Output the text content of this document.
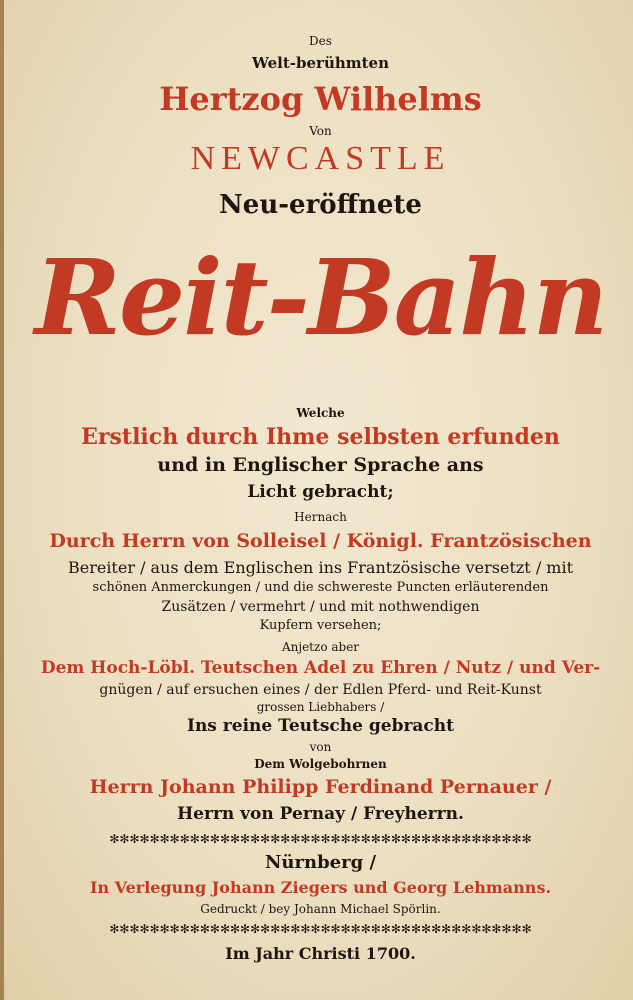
Des
Welt-berühmten
Hertzog Wilhelms
Von
NEWCASTLE
Neu-eröffnete
Reit-Bahn
Welche
Erstlich durch Ihme selbsten erfunden
und in Englischer Sprache ans
Licht gebracht;
Hernach
Durch Herrn von Solleisel / Königl. Frantzösischen
Bereiter / aus dem Englischen ins Frantzösische versetzt / mit
schönen Anmerckungen / und die schwereste Puncten erläuterenden
Zusätzen / vermehrt / und mit nothwendigen
Kupfern versehen;
Anjetzo aber
Dem Hoch-Löbl. Teutschen Adel zu Ehren / Nutz / und Ver-
gnügen / auf ersuchen eines / der Edlen Pferd- und Reit-Kunst
grossen Liebhabers /
Ins reine Teutsche gebracht
von
Dem Wolgebohrnen
Herrn Johann Philipp Ferdinand Pernauer /
Herrn von Pernay / Freyherrn.
✻✻✻✻✻✻✻✻✻✻✻✻✻✻✻✻✻✻✻✻✻✻✻✻✻✻✻✻✻✻✻✻✻✻✻✻✻✻✻✻✻✻
Nürnberg /
In Verlegung Johann Ziegers und Georg Lehmanns.
Gedruckt / bey Johann Michael Spörlin.
✻✻✻✻✻✻✻✻✻✻✻✻✻✻✻✻✻✻✻✻✻✻✻✻✻✻✻✻✻✻✻✻✻✻✻✻✻✻✻✻✻✻
Im Jahr Christi 1700.
